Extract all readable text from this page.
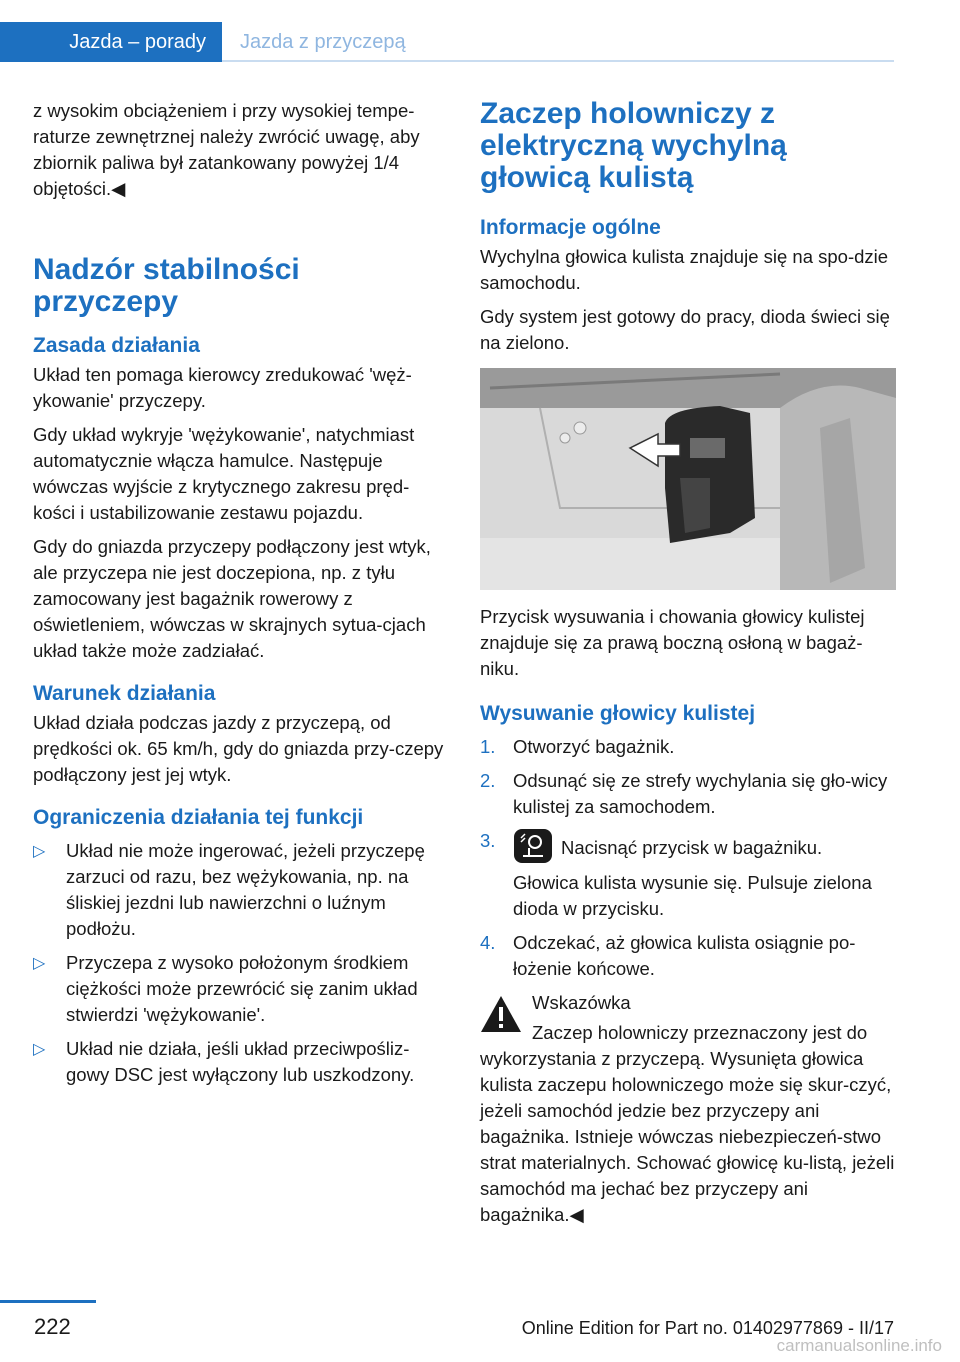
Jazda – porady Jazda z przyczepą

z wysokim obciążeniem i przy wysokiej tempe-raturze zewnętrznej należy zwrócić uwagę, aby zbiornik paliwa był zatankowany powyżej 1/4 objętości.◀

Nadzór stabilności przyczepy
Zasada działania

Układ ten pomaga kierowcy zredukować 'węż-ykowanie' przyczepy.

Gdy układ wykryje 'wężykowanie', natychmiast automatycznie włącza hamulce. Następuje wówczas wyjście z krytycznego zakresu pręd-kości i ustabilizowanie zestawu pojazdu.

Gdy do gniazda przyczepy podłączony jest wtyk, ale przyczepa nie jest doczepiona, np. z tyłu zamocowany jest bagażnik rowerowy z oświetleniem, wówczas w skrajnych sytua-cjach układ także może zadziałać.

Warunek działania

Układ działa podczas jazdy z przyczepą, od prędkości ok. 65 km/h, gdy do gniazda przy-czepy podłączony jest jej wtyk.

Ograniczenia działania tej funkcji
▷ Układ nie może ingerować, jeżeli przyczepę zarzuci od razu, bez wężykowania, np. na śliskiej jezdni lub nawierzchni o luźnym podłożu.
▷ Przyczepa z wysoko położonym środkiem ciężkości może przewrócić się zanim układ stwierdzi 'wężykowanie'.
▷ Układ nie działa, jeśli układ przeciwpośliz-gowy DSC jest wyłączony lub uszkodzony.
Zaczep holowniczy z elektryczną wychylną głowicą kulistą
Informacje ogólne

Wychylna głowica kulista znajduje się na spo-dzie samochodu.

Gdy system jest gotowy do pracy, dioda świeci się na zielono.

Przycisk wysuwania i chowania głowicy kulistej znajduje się za prawą boczną osłoną w bagaż-niku.

Wysuwanie głowicy kulistej
1. Otworzyć bagażnik.

2. Odsunąć się ze strefy wychylania się gło-wicy kulistej za samochodem.

3.	Nacisnąć przycisk w bagażniku.

Głowica kulista wysunie się. Pulsuje zielona dioda w przycisku.

4. Odczekać, aż głowica kulista osiągnie po-łożenie końcowe.

Wskazówka

Zaczep holowniczy przeznaczony jest do wykorzystania z przyczepą. Wysunięta głowica kulista zaczepu holowniczego może się skur-czyć, jeżeli samochód jedzie bez przyczepy ani bagażnika. Istnieje wówczas niebezpieczeń-stwo strat materialnych. Schować głowicę ku-listą, jeżeli samochód ma jechać bez przyczepy ani bagażnika.◀

222	Online Edition for Part no. 01402977869 - II/17
carmanualsonline.info
